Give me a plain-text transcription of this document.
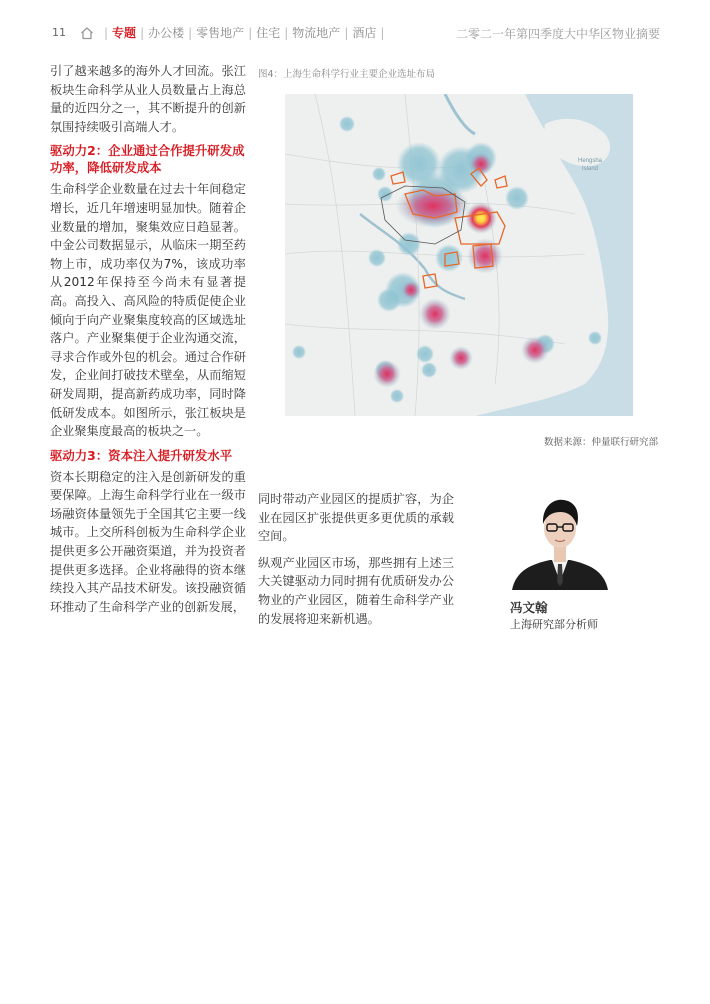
11	| 专题 | 办公楼 | 零售地产 | 住宅 | 物流地产 | 酒店 |	二零二一年第四季度大中华区物业摘要

引了越来越多的海外人才回流。张江板块生命科学从业人员数量占上海总量的近四分之一，其不断提升的创新氛围持续吸引高端人才。

驱动力2：企业通过合作提升研发成功率，降低研发成本

生命科学企业数量在过去十年间稳定增长，近几年增速明显加快。随着企业数量的增加，聚集效应日趋显著。中金公司数据显示，从临床一期至药物上市，成功率仅为7%，该成功率从2012年保持至今尚未有显著提高。高投入、高风险的特质促使企业倾向于向产业聚集度较高的区域选址落户。产业聚集便于企业沟通交流，寻求合作或外包的机会。通过合作研发，企业间打破技术壁垒，从而缩短研发周期，提高新药成功率，同时降低研发成本。如图所示，张江板块是企业聚集度最高的板块之一。

驱动力3：资本注入提升研发水平

资本长期稳定的注入是创新研发的重要保障。上海生命科学行业在一级市场融资体量领先于全国其它主要一线城市。上交所科创板为生命科学企业提供更多公开融资渠道，并为投资者提供更多选择。企业将融得的资本继续投入其产品技术研发。该投融资循环推动了生命科学产业的创新发展，

图4：上海生命科学行业主要企业选址布局
Hengsha
Island
数据来源：仲量联行研究部

同时带动产业园区的提质扩容，为企业在园区扩张提供更多更优质的承载空间。

纵观产业园区市场，那些拥有上述三大关键驱动力同时拥有优质研发办公物业的产业园区，随着生命科学产业的发展将迎来新机遇。

冯文翰
上海研究部分析师
